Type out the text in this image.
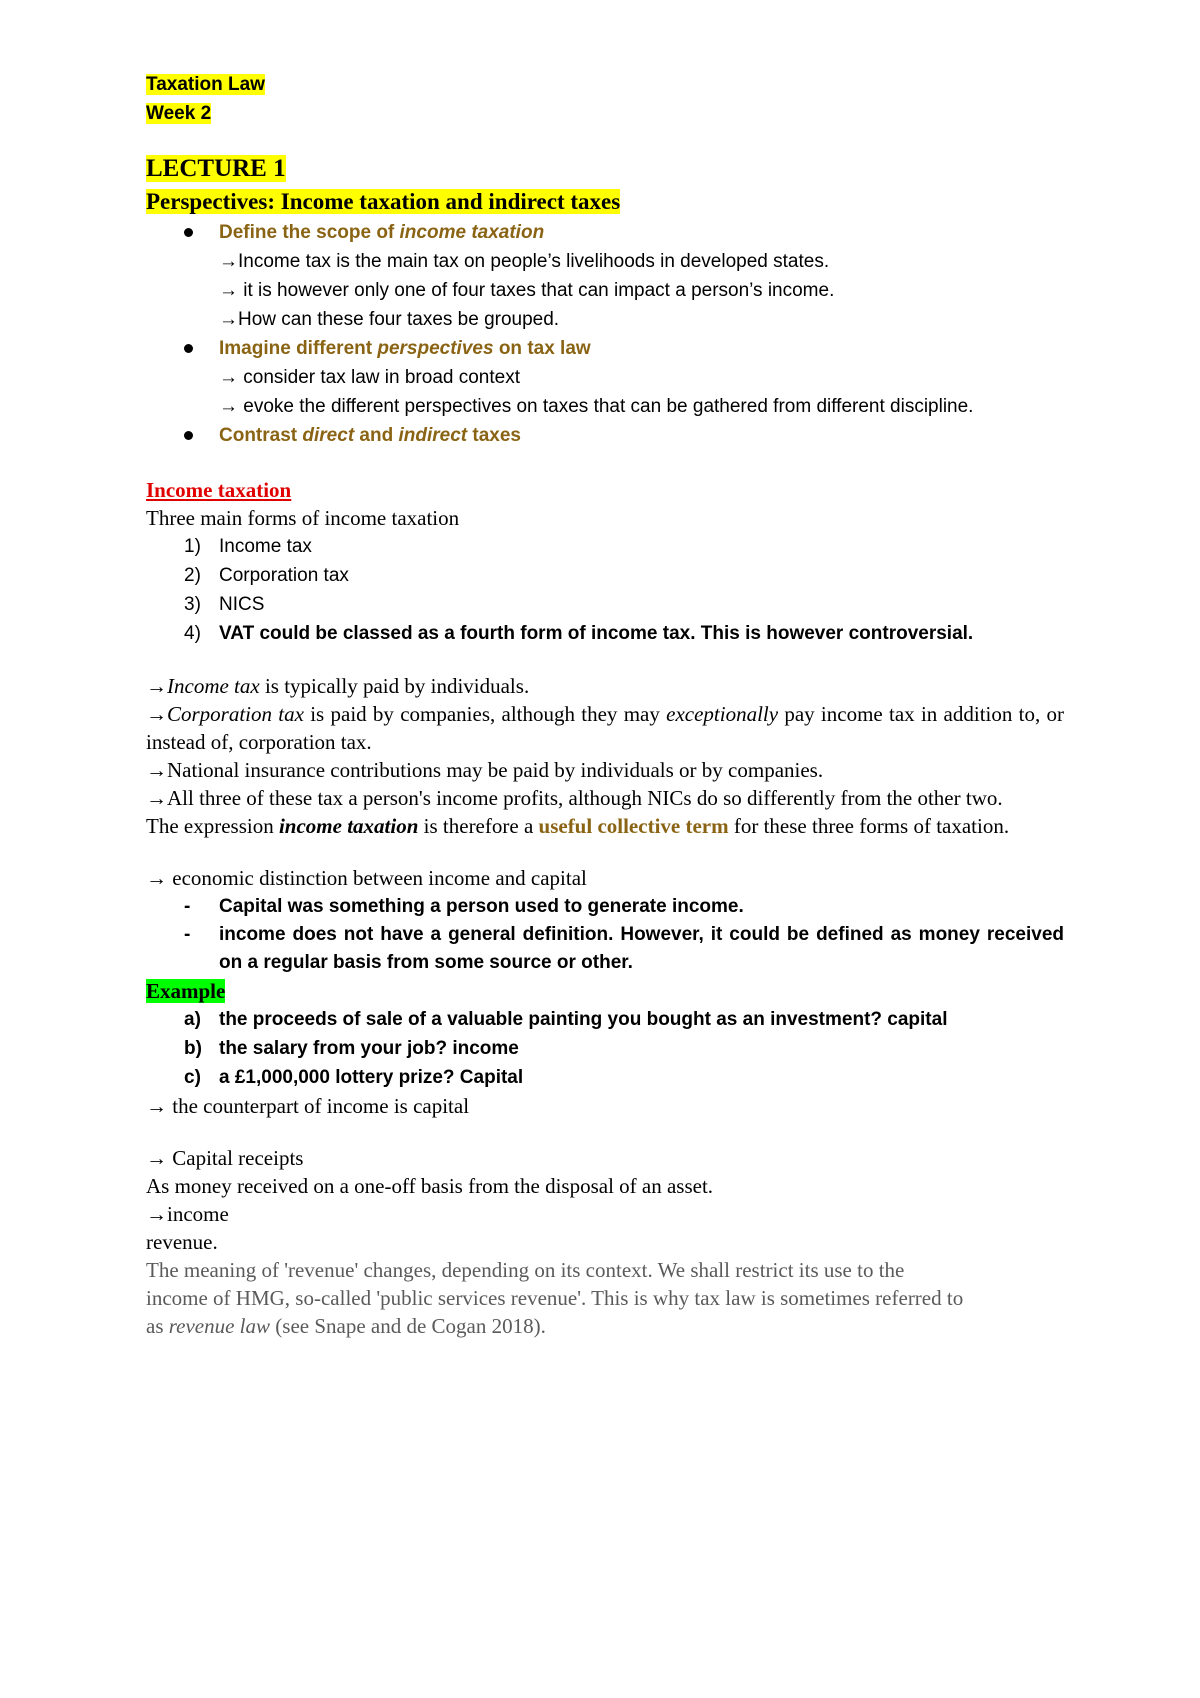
Taxation Law
Week 2
LECTURE 1
Perspectives: Income taxation and indirect taxes
Define the scope of income taxation
→Income tax is the main tax on people’s livelihoods in developed states.
→ it is however only one of four taxes that can impact a person’s income.
→How can these four taxes be grouped.
Imagine different perspectives on tax law
→ consider tax law in broad context
→ evoke the different perspectives on taxes that can be gathered from different discipline.
Contrast direct and indirect taxes
Income taxation
Three main forms of income taxation
1) Income tax
2) Corporation tax
3) NICS
4) VAT could be classed as a fourth form of income tax. This is however controversial.
→Income tax is typically paid by individuals.
→Corporation tax is paid by companies, although they may exceptionally pay income tax in addition to, or instead of, corporation tax.
→National insurance contributions may be paid by individuals or by companies.
→All three of these tax a person's income profits, although NICs do so differently from the other two.
The expression income taxation is therefore a useful collective term for these three forms of taxation.
→ economic distinction between income and capital
- Capital was something a person used to generate income.
- income does not have a general definition. However, it could be defined as money received on a regular basis from some source or other.
Example
a) the proceeds of sale of a valuable painting you bought as an investment? capital
b) the salary from your job? income
c) a £1,000,000 lottery prize? Capital
→ the counterpart of income is capital
→ Capital receipts
As money received on a one-off basis from the disposal of an asset.
→income
revenue.
The meaning of 'revenue' changes, depending on its context. We shall restrict its use to the income of HMG, so-called 'public services revenue'. This is why tax law is sometimes referred to as revenue law (see Snape and de Cogan 2018).
